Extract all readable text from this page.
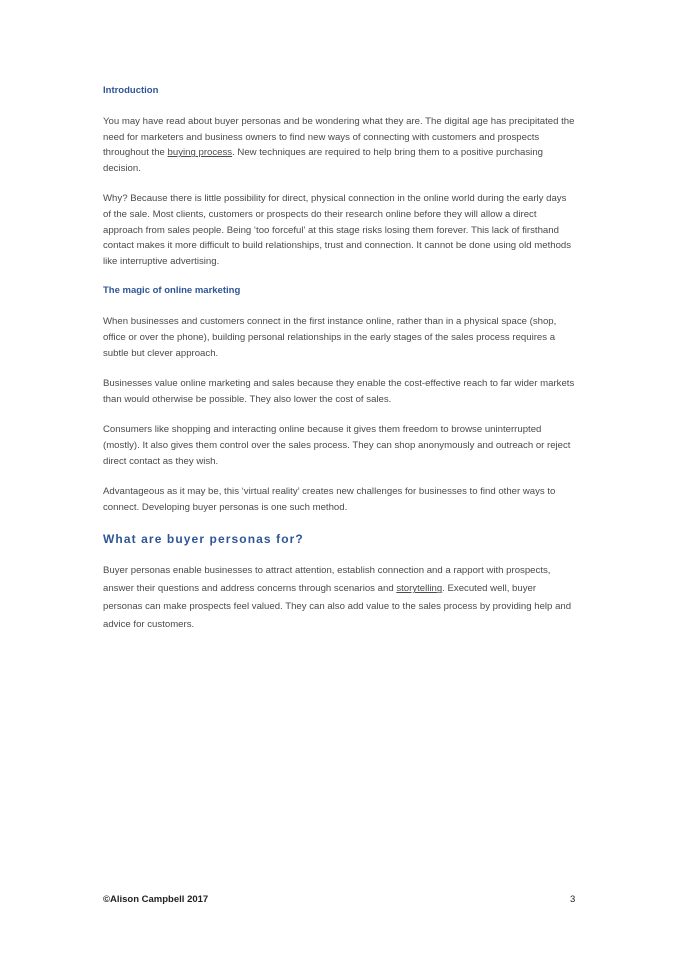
Introduction

You may have read about buyer personas and be wondering what they are. The digital age has precipitated the need for marketers and business owners to find new ways of connecting with customers and prospects throughout the buying process. New techniques are required to help bring them to a positive purchasing decision.

Why? Because there is little possibility for direct, physical connection in the online world during the early days of the sale. Most clients, customers or prospects do their research online before they will allow a direct approach from sales people. Being ‘too forceful’ at this stage risks losing them forever. This lack of firsthand contact makes it more difficult to build relationships, trust and connection. It cannot be done using old methods like interruptive advertising.

The magic of online marketing

When businesses and customers connect in the first instance online, rather than in a physical space (shop, office or over the phone), building personal relationships in the early stages of the sales process requires a subtle but clever approach.

Businesses value online marketing and sales because they enable the cost-effective reach to far wider markets than would otherwise be possible. They also lower the cost of sales.

Consumers like shopping and interacting online because it gives them freedom to browse uninterrupted (mostly). It also gives them control over the sales process. They can shop anonymously and outreach or reject direct contact as they wish.

Advantageous as it may be, this ‘virtual reality’ creates new challenges for businesses to find other ways to connect. Developing buyer personas is one such method.

What are buyer personas for?

Buyer personas enable businesses to attract attention, establish connection and a rapport with prospects, answer their questions and address concerns through scenarios and storytelling. Executed well, buyer personas can make prospects feel valued. They can also add value to the sales process by providing help and advice for customers.

©Alison Campbell 2017	3
